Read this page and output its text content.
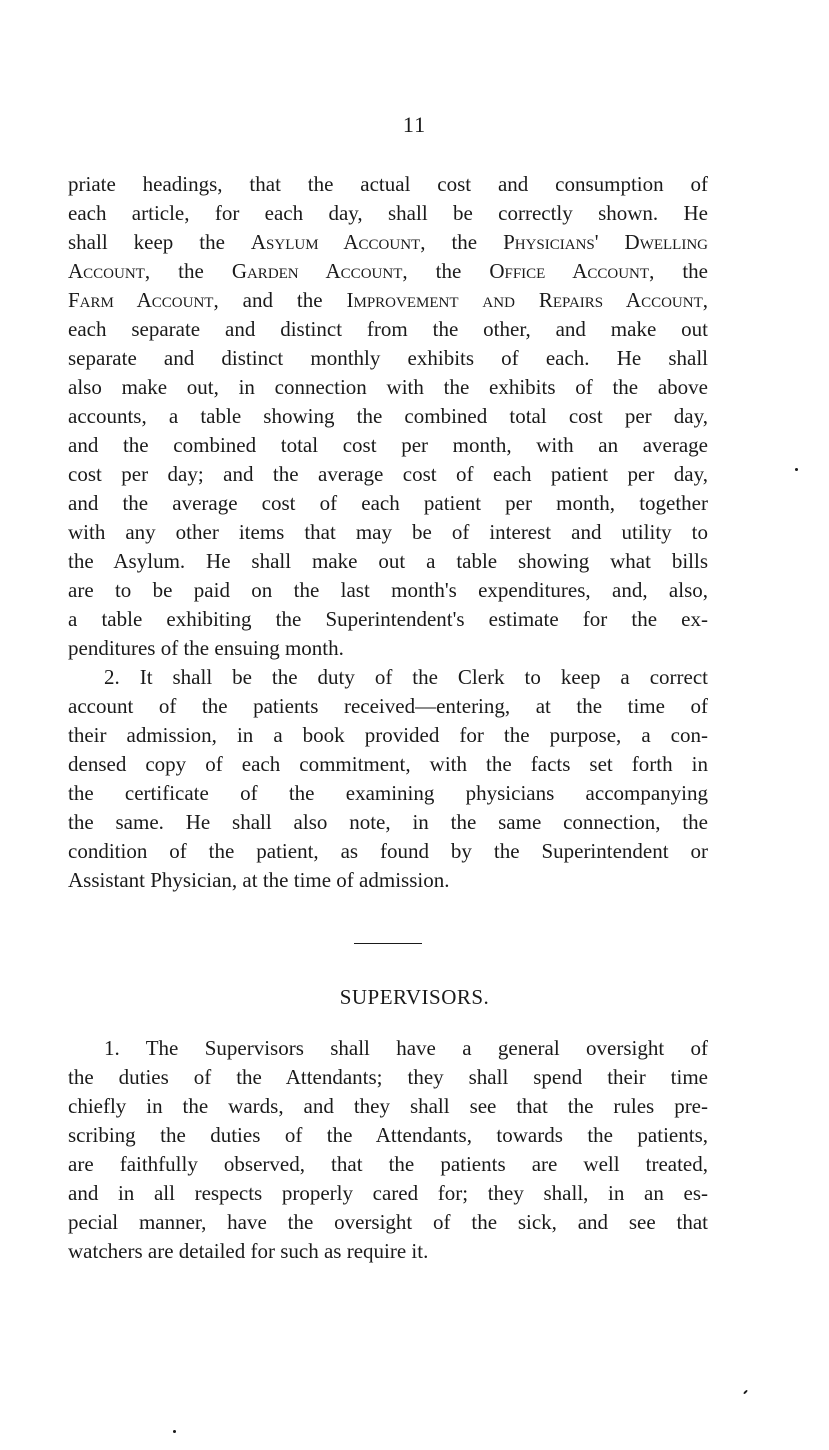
11
priate headings, that the actual cost and consumption of
each article, for each day, shall be correctly shown. He
shall keep the Asylum Account, the Physicians' Dwelling
Account, the Garden Account, the Office Account, the
Farm Account, and the Improvement and Repairs Account,
each separate and distinct from the other, and make out
separate and distinct monthly exhibits of each. He shall
also make out, in connection with the exhibits of the above
accounts, a table showing the combined total cost per day,
and the combined total cost per month, with an average
cost per day; and the average cost of each patient per day,
and the average cost of each patient per month, together
with any other items that may be of interest and utility to
the Asylum. He shall make out a table showing what bills
are to be paid on the last month's expenditures, and, also,
a table exhibiting the Superintendent's estimate for the ex-
penditures of the ensuing month.
2. It shall be the duty of the Clerk to keep a correct
account of the patients received—entering, at the time of
their admission, in a book provided for the purpose, a con-
densed copy of each commitment, with the facts set forth in
the certificate of the examining physicians accompanying
the same. He shall also note, in the same connection, the
condition of the patient, as found by the Superintendent or
Assistant Physician, at the time of admission.
SUPERVISORS.
1. The Supervisors shall have a general oversight of
the duties of the Attendants; they shall spend their time
chiefly in the wards, and they shall see that the rules pre-
scribing the duties of the Attendants, towards the patients,
are faithfully observed, that the patients are well treated,
and in all respects properly cared for; they shall, in an es-
pecial manner, have the oversight of the sick, and see that
watchers are detailed for such as require it.
